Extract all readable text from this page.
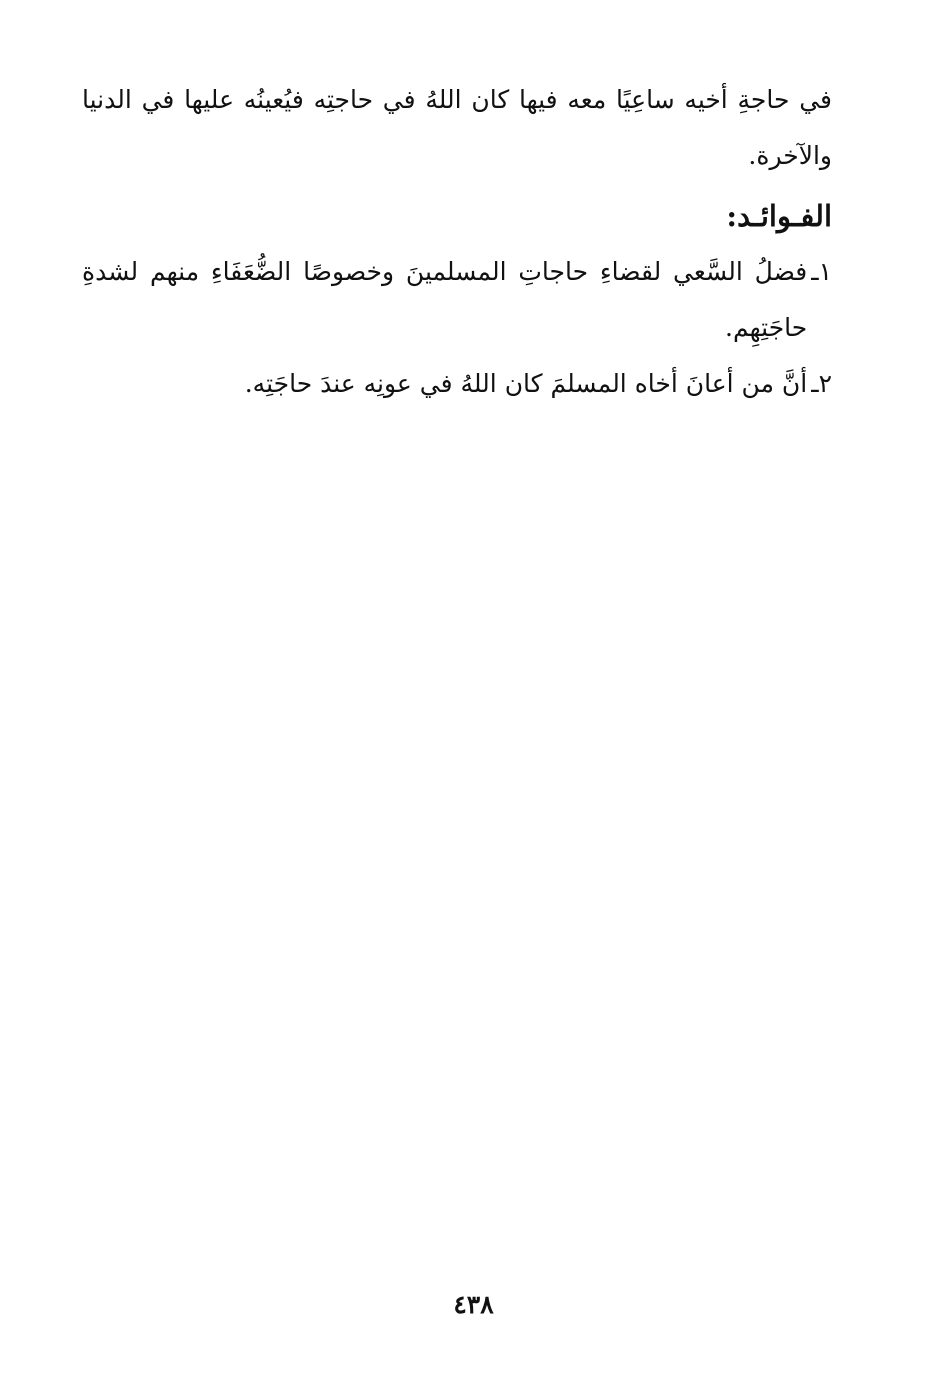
في حاجةِ أخيه ساعِيًا معه فيها كان اللهُ في حاجتِه فيُعينُه عليها في الدنيا والآخرة.

الفـوائـد:
١ـ
فضلُ السَّعي لقضاءِ حاجاتِ المسلمينَ وخصوصًا الضُّعَفَاءِ منهم لشدةِ حاجَتِهِم.
٢ـ
أنَّ من أعانَ أخاه المسلمَ كان اللهُ في عونِه عندَ حاجَتِه.
٤٣٨
